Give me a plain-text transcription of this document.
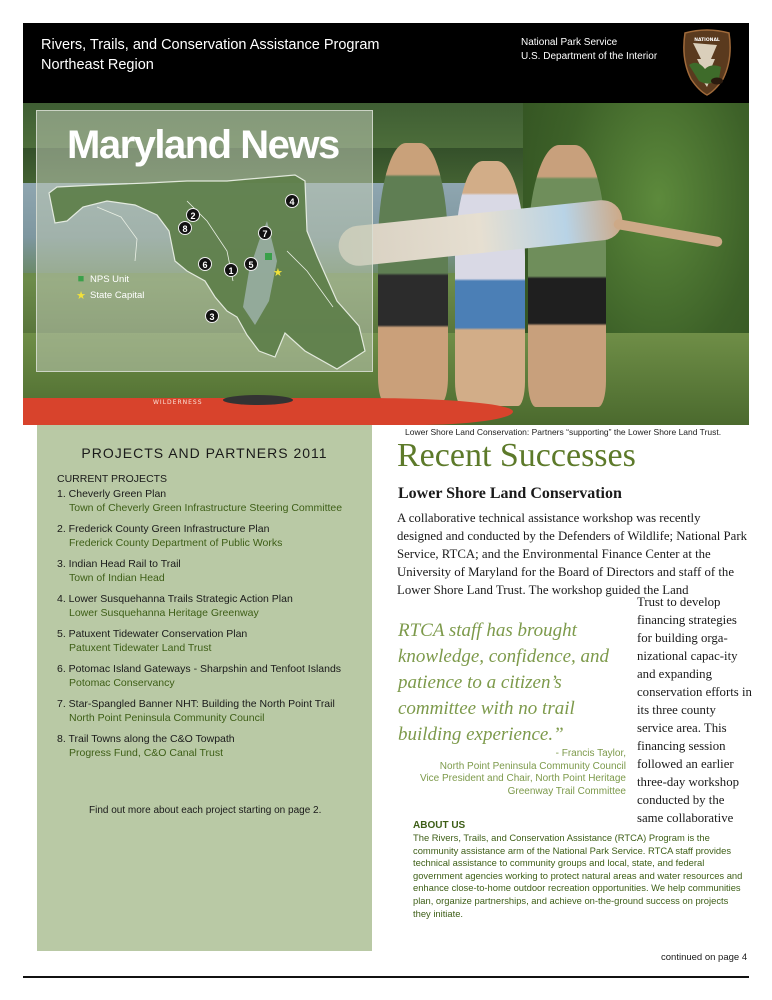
Rivers, Trails, and Conservation Assistance Program
Northeast Region
National Park Service
U.S. Department of the Interior
NATIONAL
WILDERNESS
★
Maryland News
1
2
3
4
5
6
7
8
■ NPS Unit
★ State Capital
Lower Shore Land Conservation: Partners “supporting” the Lower Shore Land Trust.
PROJECTS AND PARTNERS 2011
CURRENT PROJECTS
1. Cheverly Green Plan
Town of Cheverly Green Infrastructure Steering Committee
2. Frederick County Green Infrastructure Plan
Frederick County Department of Public Works
3. Indian Head Rail to Trail
Town of Indian Head
4. Lower Susquehanna Trails Strategic Action Plan
Lower Susquehanna Heritage Greenway
5. Patuxent Tidewater Conservation Plan
Patuxent Tidewater Land Trust
6. Potomac Island Gateways - Sharpshin and Tenfoot Islands
Potomac Conservancy
7. Star-Spangled Banner NHT: Building the North Point Trail
North Point Peninsula Community Council
8. Trail Towns along the C&O Towpath
Progress Fund, C&O Canal Trust
Find out more about each project starting on page 2.
Recent Successes
Lower Shore Land Conservation
A collaborative technical assistance workshop was recently designed and conducted by the Defenders of Wildlife; National Park Service, RTCA; and the Environmental Finance Center at the University of Maryland for the Board of Directors and staff of the Lower Shore Land Trust. The workshop guided the Land
Trust to develop financing strategies for building orga-nizational capac-ity and expanding conservation efforts in its three county service area. This financing session followed an earlier three-day workshop conducted by the same collaborative
RTCA staff has brought knowledge, confidence, and patience to a citizen’s committee with no trail building experience.”
- Francis Taylor,
North Point Peninsula Community Council
Vice President and Chair, North Point Heritage
Greenway Trail Committee
ABOUT US
The Rivers, Trails, and Conservation Assistance (RTCA) Program is the community assistance arm of the National Park Service. RTCA staff provides technical assistance to community groups and local, state, and federal government agencies working to protect natural areas and water resources and enhance close-to-home outdoor recreation opportunities. We help communities plan, organize partnerships, and achieve on-the-ground success on projects they initiate.
continued on page 4
